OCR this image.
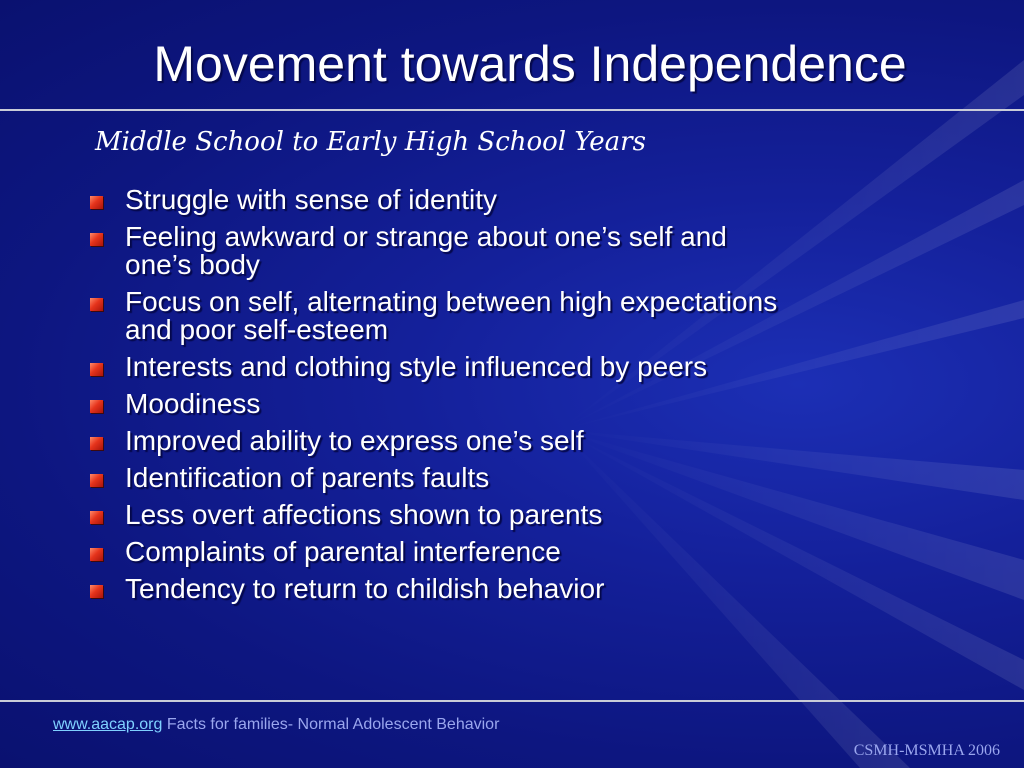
Movement towards Independence
Middle School to Early High School Years
Struggle with sense of identity
Feeling awkward or strange about one’s self and
one’s body
Focus on self, alternating between high expectations
and poor self-esteem
Interests and clothing style influenced by peers
Moodiness
Improved ability to express one’s self
Identification of parents faults
Less overt affections shown to parents
Complaints of parental interference
Tendency to return to childish behavior
www.aacap.org Facts for families- Normal Adolescent Behavior
CSMH-MSMHA 2006
